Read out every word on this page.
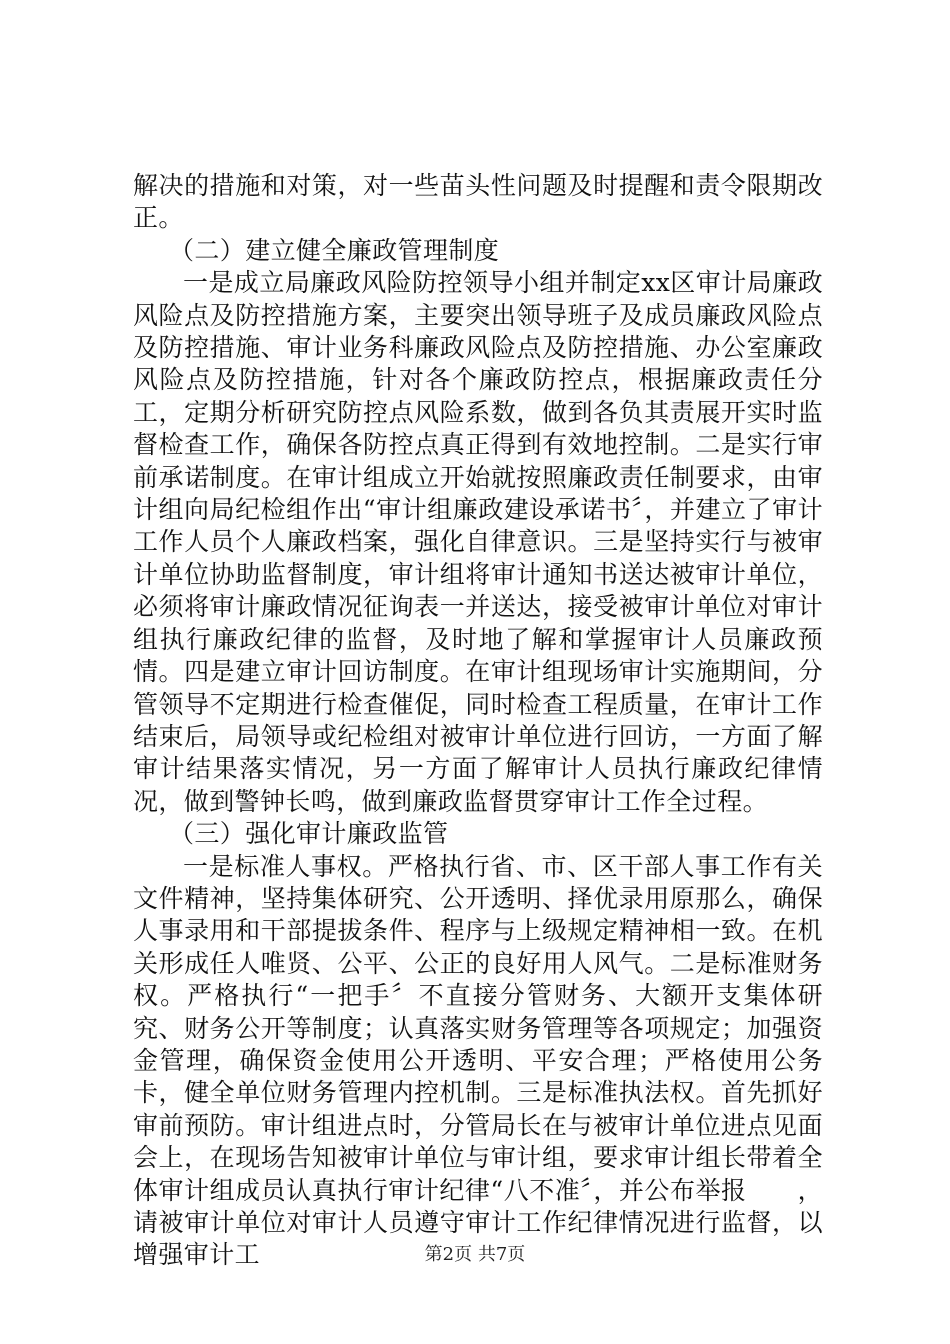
解决的措施和对策，对一些苗头性问题及时提醒和责令限期改正。

（二）建立健全廉政管理制度

一是成立局廉政风险防控领导小组并制定xx区审计局廉政风险点及防控措施方案，主要突出领导班子及成员廉政风险点及防控措施、审计业务科廉政风险点及防控措施、办公室廉政风险点及防控措施，针对各个廉政防控点，根据廉政责任分工，定期分析研究防控点风险系数，做到各负其责展开实时监督检查工作，确保各防控点真正得到有效地控制。二是实行审前承诺制度。在审计组成立开始就按照廉政责任制要求，由审计组向局纪检组作出“审计组廉政建设承诺书〞，并建立了审计工作人员个人廉政档案，强化自律意识。三是坚持实行与被审计单位协助监督制度，审计组将审计通知书送达被审计单位，必须将审计廉政情况征询表一并送达，接受被审计单位对审计组执行廉政纪律的监督，及时地了解和掌握审计人员廉政预情。四是建立审计回访制度。在审计组现场审计实施期间，分管领导不定期进行检查催促，同时检查工程质量，在审计工作结束后，局领导或纪检组对被审计单位进行回访，一方面了解审计结果落实情况，另一方面了解审计人员执行廉政纪律情况，做到警钟长鸣，做到廉政监督贯穿审计工作全过程。

（三）强化审计廉政监管

一是标准人事权。严格执行省、市、区干部人事工作有关文件精神，坚持集体研究、公开透明、择优录用原那么，确保人事录用和干部提拔条件、程序与上级规定精神相一致。在机关形成任人唯贤、公平、公正的良好用人风气。二是标准财务权。严格执行“一把手〞不直接分管财务、大额开支集体研究、财务公开等制度；认真落实财务管理等各项规定；加强资金管理，确保资金使用公开透明、平安合理；严格使用公务卡，健全单位财务管理内控机制。三是标准执法权。首先抓好审前预防。审计组进点时，分管局长在与被审计单位进点见面会上，在现场告知被审计单位与审计组，要求审计组长带着全体审计组成员认真执行审计纪律“八不准〞，并公布举报　　，请被审计单位对审计人员遵守审计工作纪律情况进行监督，以增强审计工	第2页 共7页
